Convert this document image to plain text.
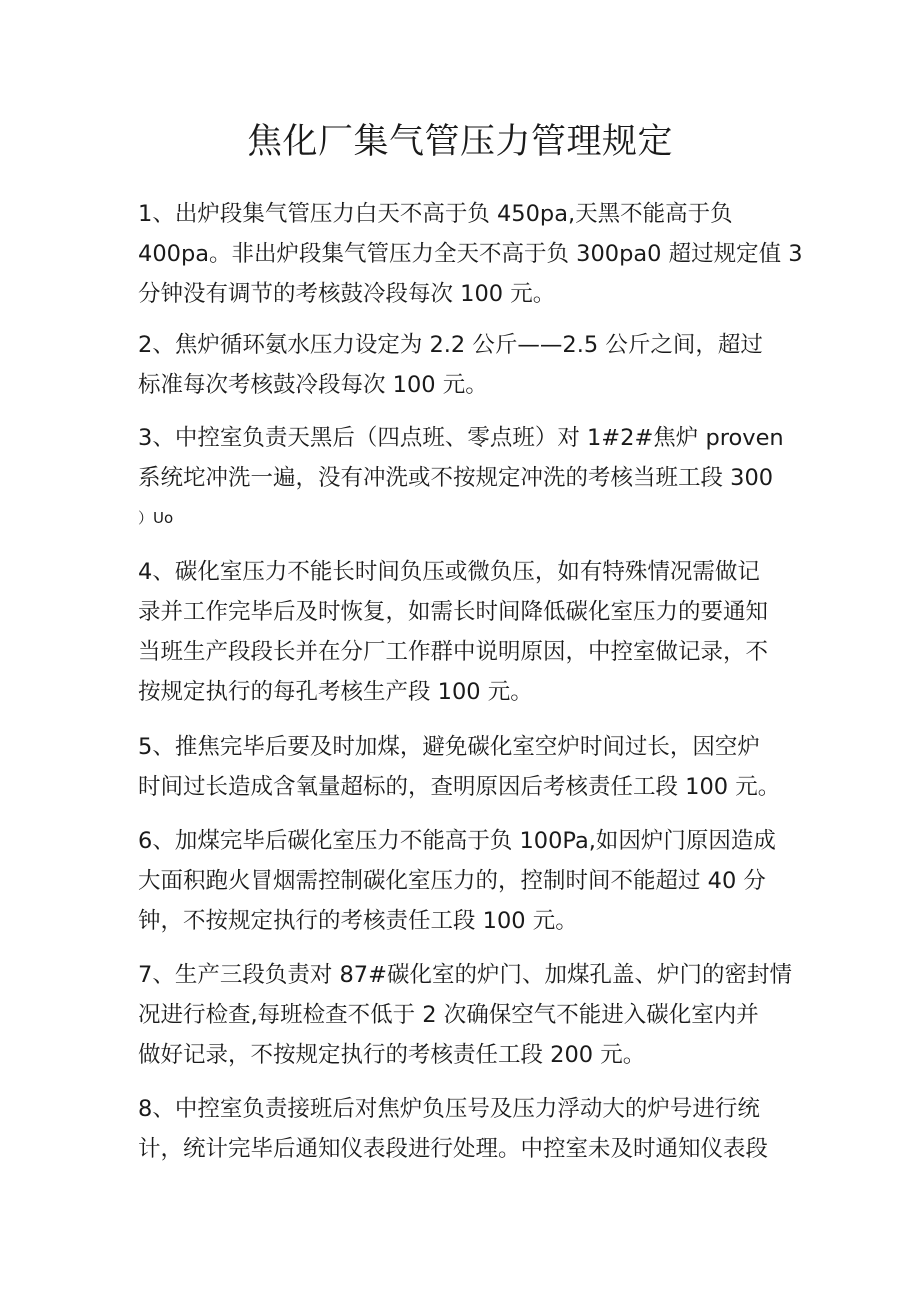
焦化厂集气管压力管理规定
1、出炉段集气管压力白天不高于负 450pa,天黑不能高于负
400pa。非出炉段集气管压力全天不高于负 300pa0 超过规定值 3
分钟没有调节的考核鼓冷段每次 100 元。
2、焦炉循环氨水压力设定为 2.2 公斤——2.5 公斤之间，超过
标准每次考核鼓冷段每次 100 元。
3、中控室负责天黑后（四点班、零点班）对 1#2#焦炉 proven
系统坨冲洗一遍，没有冲洗或不按规定冲洗的考核当班工段 300
）Uo
4、碳化室压力不能长时间负压或微负压，如有特殊情况需做记
录并工作完毕后及时恢复，如需长时间降低碳化室压力的要通知
当班生产段段长并在分厂工作群中说明原因，中控室做记录，不
按规定执行的每孔考核生产段 100 元。
5、推焦完毕后要及时加煤，避免碳化室空炉时间过长，因空炉
时间过长造成含氧量超标的，查明原因后考核责任工段 100 元。
6、加煤完毕后碳化室压力不能高于负 100Pa,如因炉门原因造成
大面积跑火冒烟需控制碳化室压力的，控制时间不能超过 40 分
钟，不按规定执行的考核责任工段 100 元。
7、生产三段负责对 87#碳化室的炉门、加煤孔盖、炉门的密封情
况进行检查,每班检查不低于 2 次确保空气不能进入碳化室内并
做好记录，不按规定执行的考核责任工段 200 元。
8、中控室负责接班后对焦炉负压号及压力浮动大的炉号进行统
计，统计完毕后通知仪表段进行处理。中控室未及时通知仪表段
